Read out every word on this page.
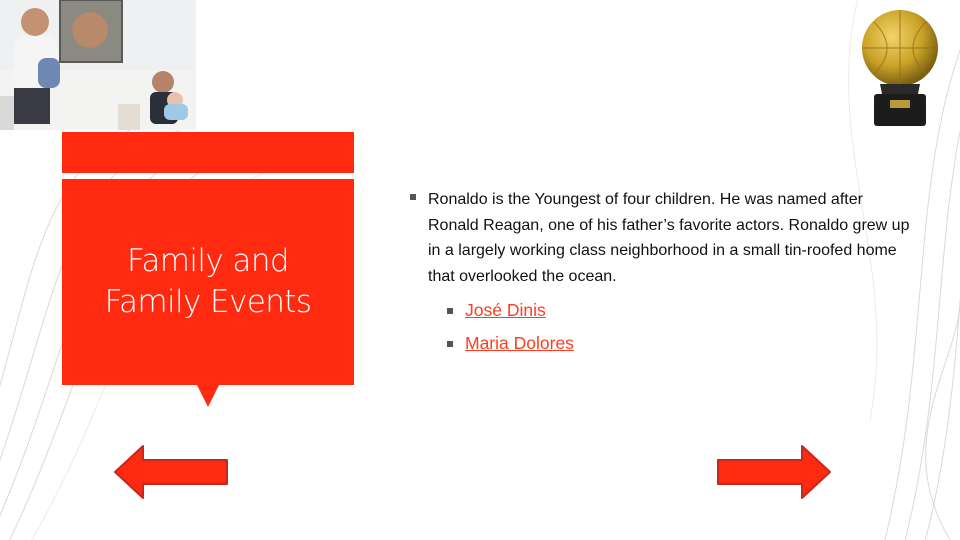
Family and
Family Events
Ronaldo is the Youngest of four children. He was named after Ronald Reagan, one of his father’s favorite actors. Ronaldo grew up in a largely working class neighborhood in a small tin-roofed home that overlooked the ocean.
José Dinis
Maria Dolores
